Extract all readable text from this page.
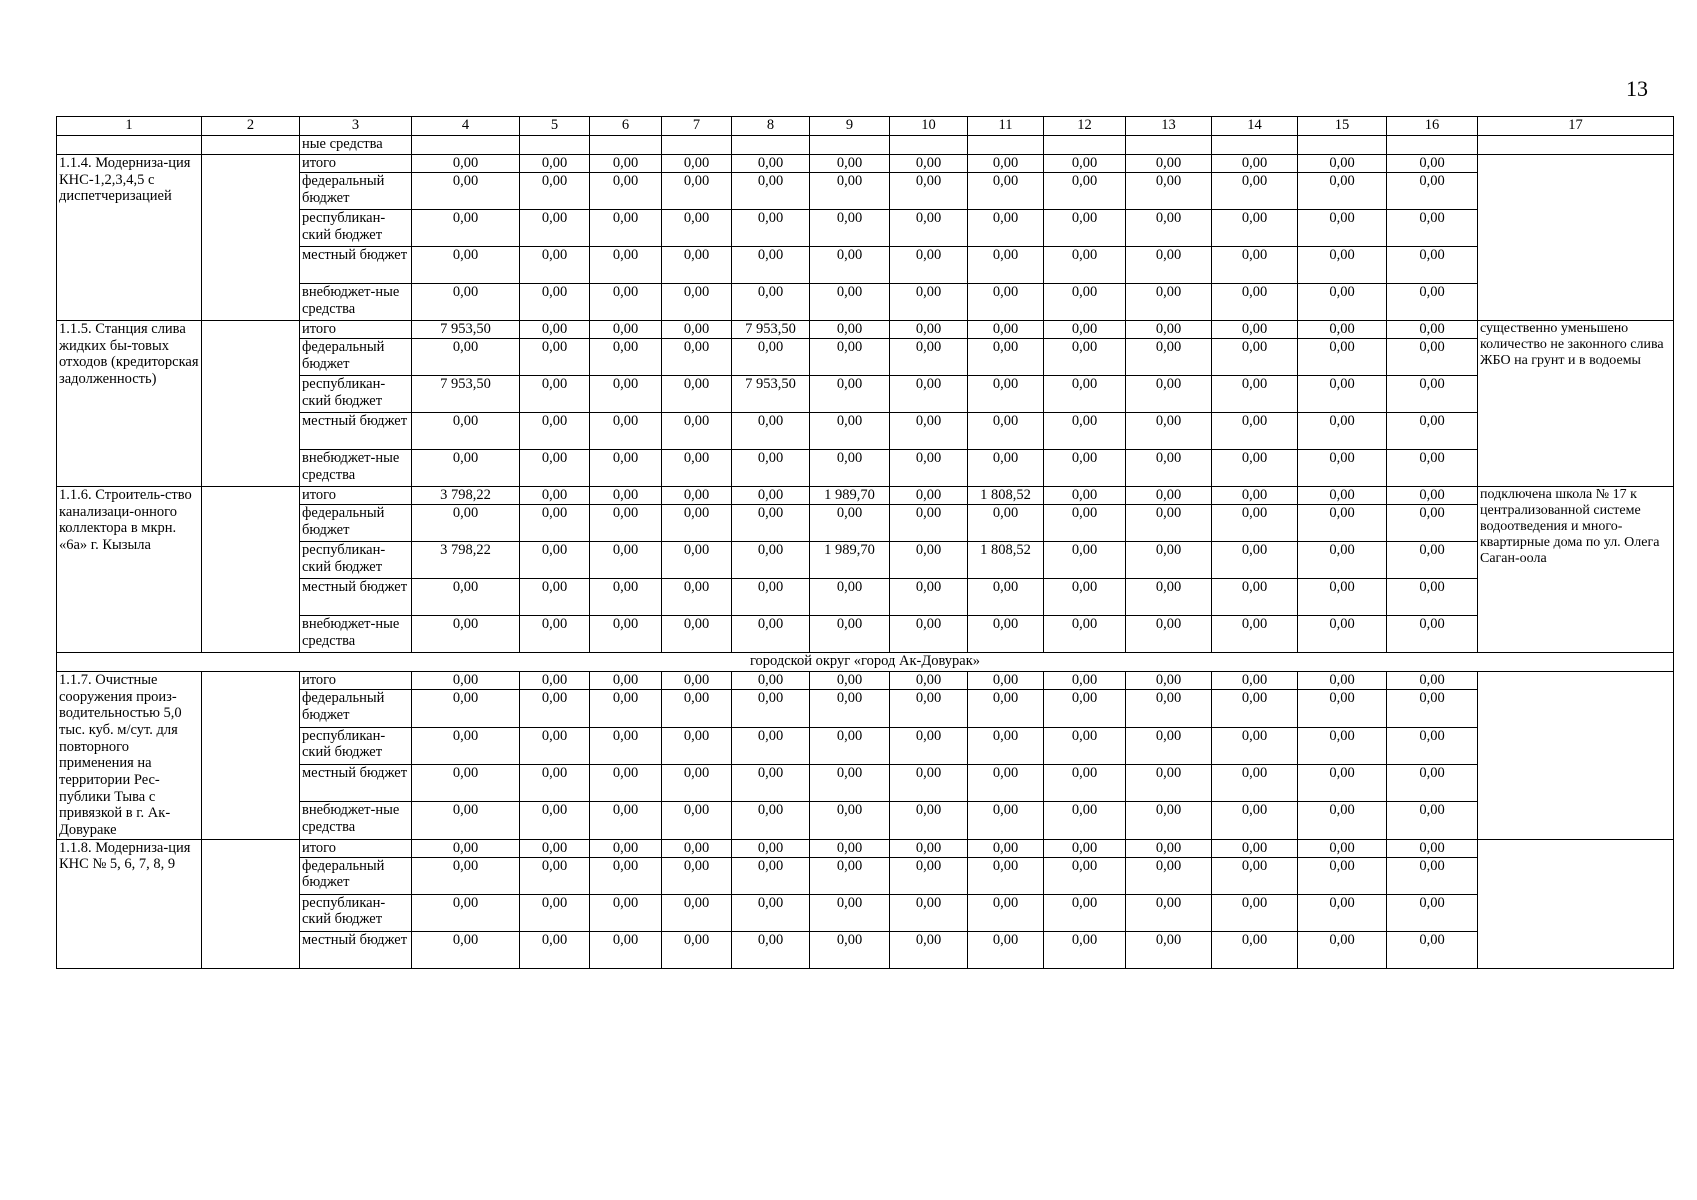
13
1	2	3	4	5	6	7	8	9	10	11	12	13	14	15	16	17
		ные средства														
1.1.4. Модерниза-ция КНС-1,2,3,4,5 с диспетчеризацией		итого	0,00	0,00	0,00	0,00	0,00	0,00	0,00	0,00	0,00	0,00	0,00	0,00	0,00	
		федеральный бюджет	0,00	0,00	0,00	0,00	0,00	0,00	0,00	0,00	0,00	0,00	0,00	0,00	0,00	
		республикан-ский бюджет	0,00	0,00	0,00	0,00	0,00	0,00	0,00	0,00	0,00	0,00	0,00	0,00	0,00	
		местный бюджет	0,00	0,00	0,00	0,00	0,00	0,00	0,00	0,00	0,00	0,00	0,00	0,00	0,00	
		внебюджет-ные средства	0,00	0,00	0,00	0,00	0,00	0,00	0,00	0,00	0,00	0,00	0,00	0,00	0,00	
1.1.5. Станция слива жидких бы-товых отходов (кредиторская задолженность)		итого	7 953,50	0,00	0,00	0,00	7 953,50	0,00	0,00	0,00	0,00	0,00	0,00	0,00	0,00	существенно уменьшено количество не законного слива ЖБО на грунт и в водоемы
		федеральный бюджет	0,00	0,00	0,00	0,00	0,00	0,00	0,00	0,00	0,00	0,00	0,00	0,00	0,00	
		республикан-ский бюджет	7 953,50	0,00	0,00	0,00	7 953,50	0,00	0,00	0,00	0,00	0,00	0,00	0,00	0,00	
		местный бюджет	0,00	0,00	0,00	0,00	0,00	0,00	0,00	0,00	0,00	0,00	0,00	0,00	0,00	
		внебюджет-ные средства	0,00	0,00	0,00	0,00	0,00	0,00	0,00	0,00	0,00	0,00	0,00	0,00	0,00	
1.1.6. Строитель-ство канализаци-онного коллектора в мкрн. «6а» г. Кызыла		итого	3 798,22	0,00	0,00	0,00	0,00	1 989,70	0,00	1 808,52	0,00	0,00	0,00	0,00	0,00	подключена школа № 17 к централизованной системе водоотведения и много-квартирные дома по ул. Олега Саган-оола
		федеральный бюджет	0,00	0,00	0,00	0,00	0,00	0,00	0,00	0,00	0,00	0,00	0,00	0,00	0,00	
		республикан-ский бюджет	3 798,22	0,00	0,00	0,00	0,00	1 989,70	0,00	1 808,52	0,00	0,00	0,00	0,00	0,00	
		местный бюджет	0,00	0,00	0,00	0,00	0,00	0,00	0,00	0,00	0,00	0,00	0,00	0,00	0,00	
		внебюджет-ные средства	0,00	0,00	0,00	0,00	0,00	0,00	0,00	0,00	0,00	0,00	0,00	0,00	0,00	
городской округ «город Ак-Довурак»																
1.1.7. Очистные сооружения произ-водительностью 5,0 тыс. куб. м/сут. для повторного применения на территории Рес-публики Тыва с привязкой в г. Ак-Довураке		итого	0,00	0,00	0,00	0,00	0,00	0,00	0,00	0,00	0,00	0,00	0,00	0,00	0,00	
		федеральный бюджет	0,00	0,00	0,00	0,00	0,00	0,00	0,00	0,00	0,00	0,00	0,00	0,00	0,00	
		республикан-ский бюджет	0,00	0,00	0,00	0,00	0,00	0,00	0,00	0,00	0,00	0,00	0,00	0,00	0,00	
		местный бюджет	0,00	0,00	0,00	0,00	0,00	0,00	0,00	0,00	0,00	0,00	0,00	0,00	0,00	
		внебюджет-ные средства	0,00	0,00	0,00	0,00	0,00	0,00	0,00	0,00	0,00	0,00	0,00	0,00	0,00	
1.1.8. Модерниза-ция КНС № 5, 6, 7, 8, 9		итого	0,00	0,00	0,00	0,00	0,00	0,00	0,00	0,00	0,00	0,00	0,00	0,00	0,00	
		федеральный бюджет	0,00	0,00	0,00	0,00	0,00	0,00	0,00	0,00	0,00	0,00	0,00	0,00	0,00	
		республикан-ский бюджет	0,00	0,00	0,00	0,00	0,00	0,00	0,00	0,00	0,00	0,00	0,00	0,00	0,00	
		местный бюджет	0,00	0,00	0,00	0,00	0,00	0,00	0,00	0,00	0,00	0,00	0,00	0,00	0,00	
